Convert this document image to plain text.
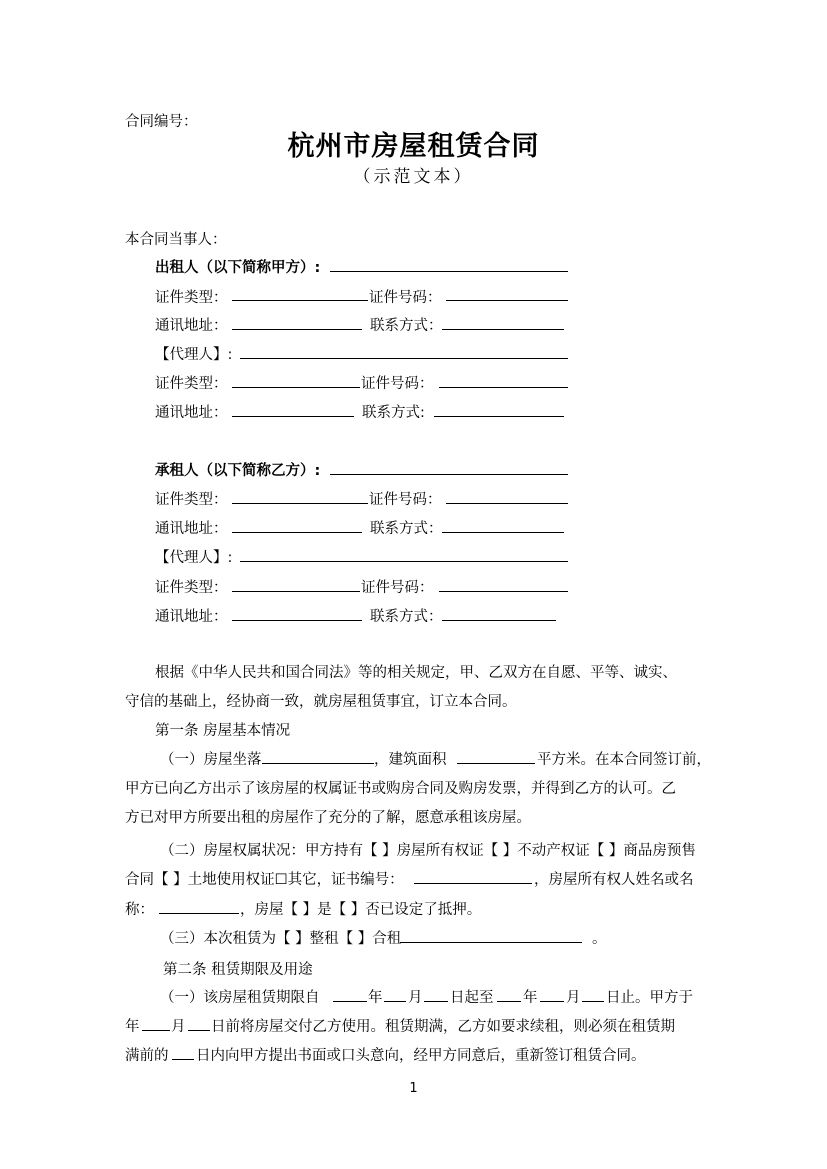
合同编号：
杭州市房屋租赁合同
（示范文本）
本合同当事人：
出租人（以下简称甲方）:
证件类型：	证件号码：
通讯地址：	联系方式：
【代理人】:
证件类型：	证件号码：
通讯地址：	联系方式:
承租人（以下简称乙方）:
证件类型：	证件号码：
通讯地址：	联系方式：
【代理人】:
证件类型：	证件号码：
通讯地址：	联系方式：
根据《中华人民共和国合同法》等的相关规定，甲、乙双方在自愿、平等、诚实、
守信的基础上，经协商一致，就房屋租赁事宜，订立本合同。
第一条 房屋基本情况
（一）房屋坐落	，建筑面积	平方米。在本合同签订前，
甲方已向乙方出示了该房屋的权属证书或购房合同及购房发票，并得到乙方的认可。乙
方已对甲方所要出租的房屋作了充分的了解，愿意承租该房屋。
（二）房屋权属状况：甲方持有【 】房屋所有权证【 】不动产权证【 】商品房预售
合同【 】土地使用权证☐其它，证书编号：	，房屋所有权人姓名或名
称：	，房屋【 】是【 】否已设定了抵押。
（三）本次租赁为【 】整租【 】合租	。
第二条 租赁期限及用途
（一）该房屋租赁期限自	年 月 日起至 年 月 日止。甲方于
年 月 日前将房屋交付乙方使用。租赁期满，乙方如要求续租，则必须在租赁期
满前的 日内向甲方提出书面或口头意向，经甲方同意后，重新签订租赁合同。
1
